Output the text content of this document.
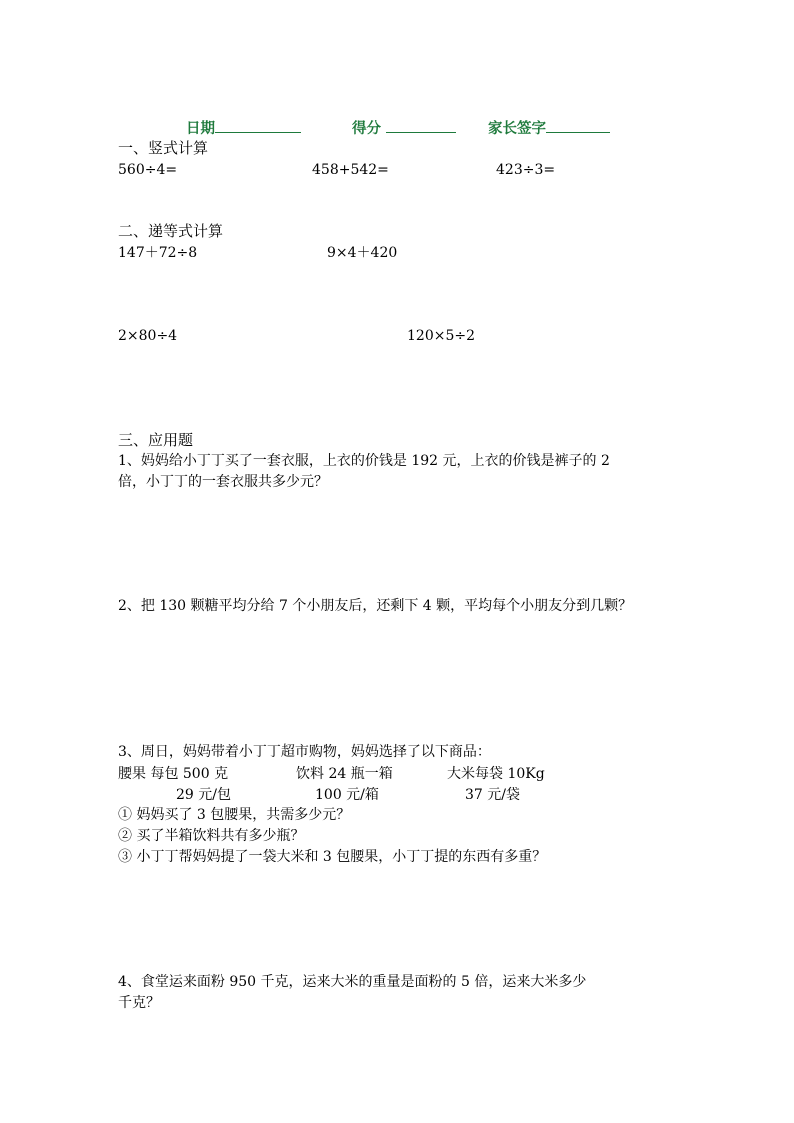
日期	得分	家长签字
一、竖式计算
560÷4=	458+542=	423÷3=
二、递等式计算
147＋72÷8	9×4＋420
2×80÷4	120×5÷2
三、应用题
1、妈妈给小丁丁买了一套衣服，上衣的价钱是 192 元，上衣的价钱是裤子的 2
倍，小丁丁的一套衣服共多少元？
2、把 130 颗糖平均分给 7 个小朋友后，还剩下 4 颗，平均每个小朋友分到几颗？
3、周日，妈妈带着小丁丁超市购物，妈妈选择了以下商品：
腰果 每包 500 克	饮料 24 瓶一箱	大米每袋 10Kg
29 元/包	100 元/箱	37 元/袋
① 妈妈买了 3 包腰果，共需多少元？
② 买了半箱饮料共有多少瓶？
③ 小丁丁帮妈妈提了一袋大米和 3 包腰果，小丁丁提的东西有多重？
4、食堂运来面粉 950 千克，运来大米的重量是面粉的 5 倍，运来大米多少
千克？
